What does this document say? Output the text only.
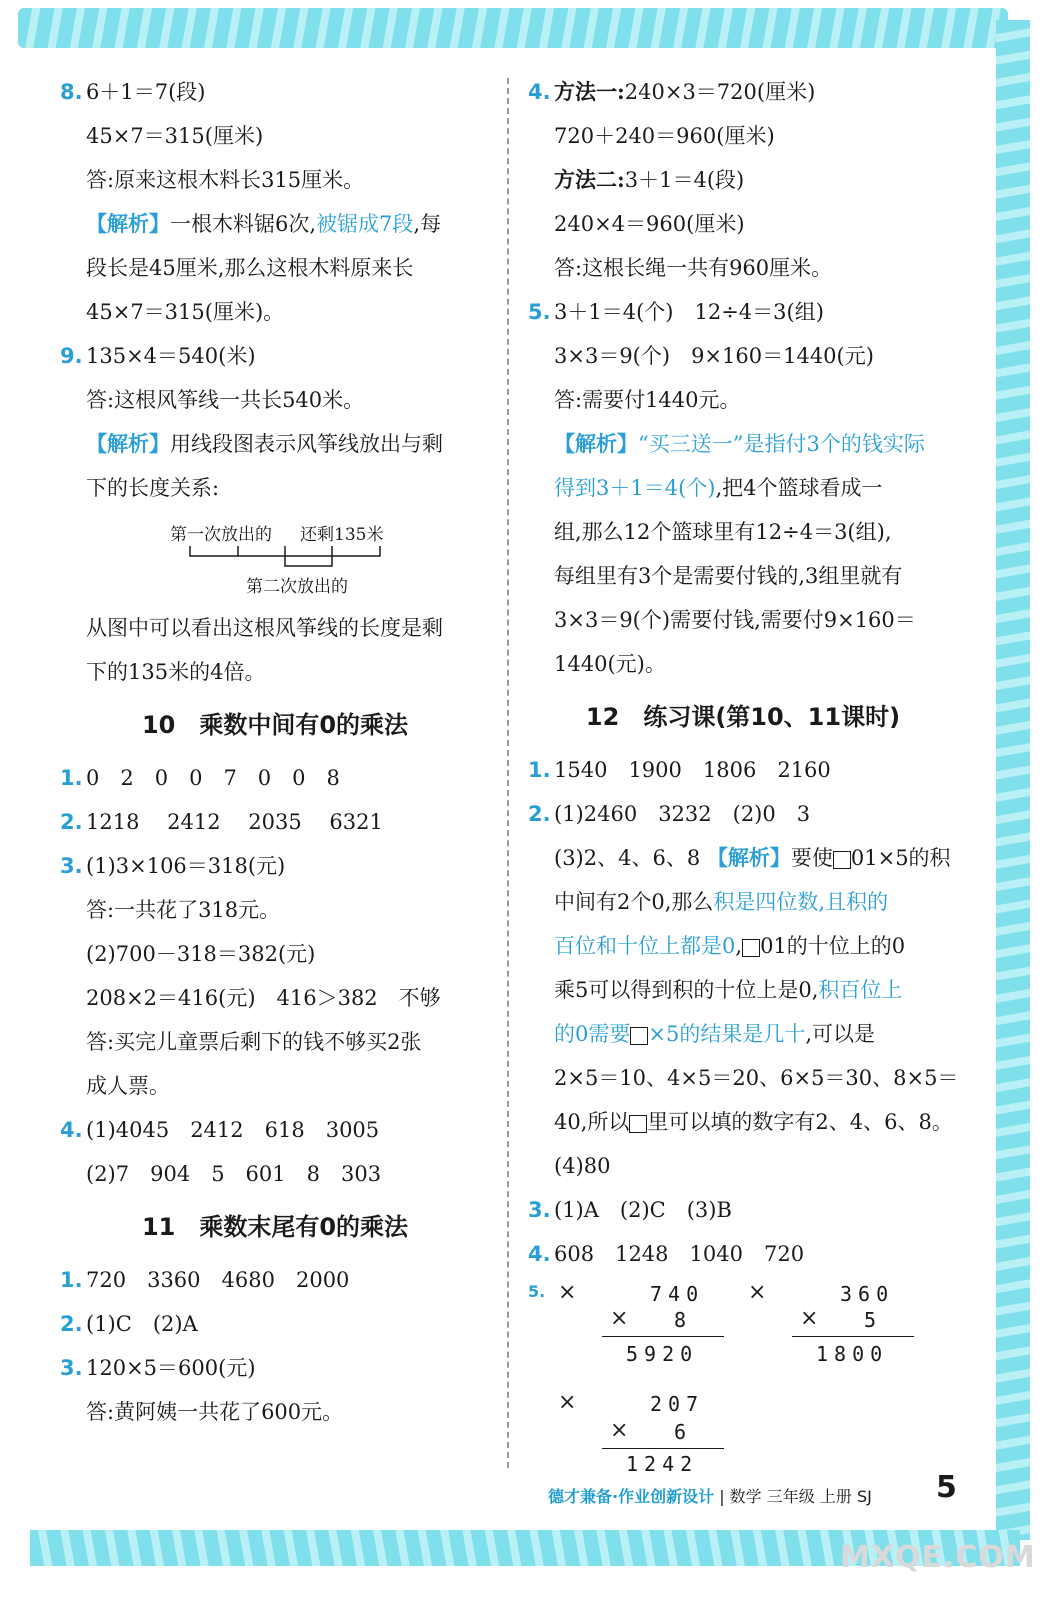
8. 6＋1＝7(段)
45×7＝315(厘米)
答:原来这根木料长315厘米。
【解析】一根木料锯6次,被锯成7段,每
段长是45厘米,那么这根木料原来长
45×7＝315(厘米)。
9. 135×4＝540(米)
答:这根风筝线一共长540米。
【解析】用线段图表示风筝线放出与剩
下的长度关系:
第一次放出的 还剩135米
第二次放出的
从图中可以看出这根风筝线的长度是剩
下的135米的4倍。
10　乘数中间有0的乘法
1. 0　2　0　0　7　0　0　8
2. 1218　 2412　 2035　 6321
3. (1)3×106＝318(元)
答:一共花了318元。
(2)700－318＝382(元)
208×2＝416(元)　416＞382　不够
答:买完儿童票后剩下的钱不够买2张
成人票。
4. (1)4045　2412　618　3005
(2)7　904　5　601　8　303
11　乘数末尾有0的乘法
1. 720　3360　4680　2000
2. (1)C　(2)A
3. 120×5＝600(元)
答:黄阿姨一共花了600元。
4. 方法一:240×3＝720(厘米)
720＋240＝960(厘米)
方法二:3＋1＝4(段)
240×4＝960(厘米)
答:这根长绳一共有960厘米。
5. 3＋1＝4(个)　12÷4＝3(组)
3×3＝9(个)　9×160＝1440(元)
答:需要付1440元。
【解析】“买三送一”是指付3个的钱实际
得到3＋1＝4(个),把4个篮球看成一
组,那么12个篮球里有12÷4＝3(组),
每组里有3个是需要付钱的,3组里就有
3×3＝9(个)需要付钱,需要付9×160＝
1440(元)。
12　练习课(第10、11课时)
1. 1540　1900　1806　2160
2. (1)2460　3232　(2)0　3
(3)2、4、6、8 【解析】要使 01×5的积
中间有2个0,那么积是四位数,且积的
百位和十位上都是0, 01的十位上的0
乘5可以得到积的十位上是0,积百位上
的0需要 ×5的结果是几十,可以是
2×5＝10、4×5＝20、6×5＝30、8×5＝
40,所以 里可以填的数字有2、4、6、8。
(4)80
3. (1)A　(2)C　(3)B
4. 608　1248　1040　720
5. ×	740
× 8
5920
×	360
× 5
1800
×	207
× 6
1242
德才兼备·作业创新设计 | 数学 三年级 上册 SJ 5
MXQE.COM
